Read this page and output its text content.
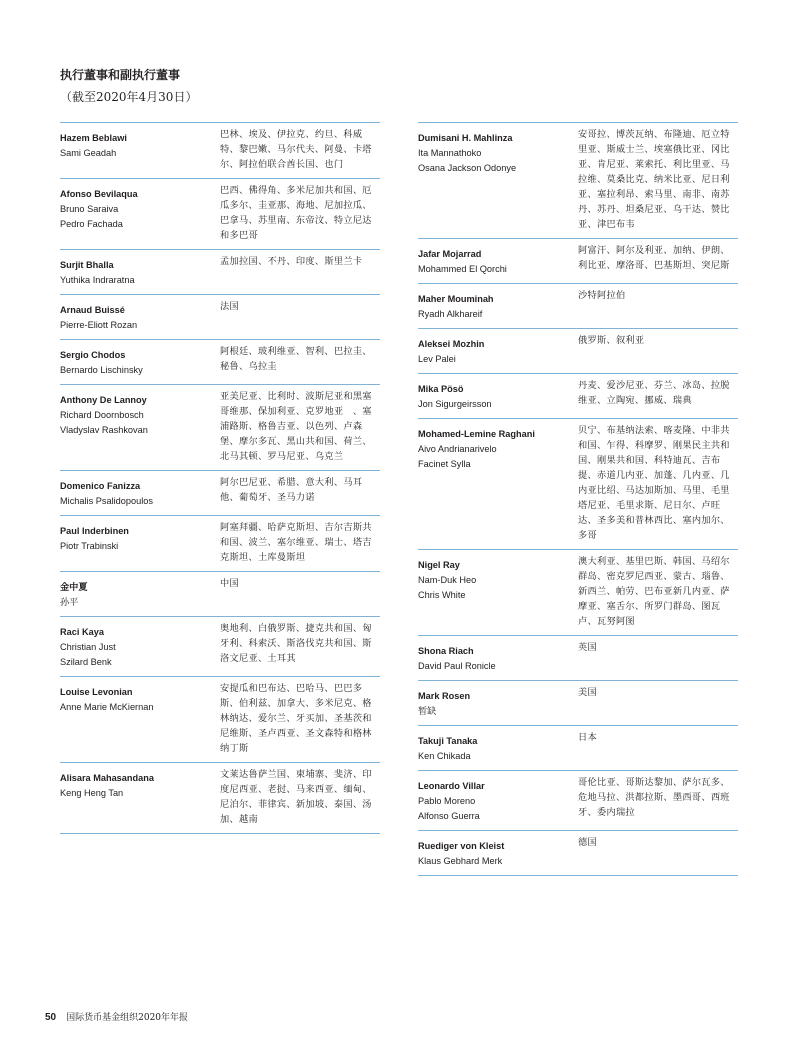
执行董事和副执行董事
（截至2020年4月30日）
Hazem Beblawi
Sami Geadah
巴林、埃及、伊拉克、约旦、科威特、黎巴嫩、马尔代夫、阿曼、卡塔尔、阿拉伯联合酋长国、也门
Afonso Bevilaqua
Bruno Saraiva
Pedro Fachada
巴西、佛得角、多米尼加共和国、厄瓜多尔、圭亚那、海地、尼加拉瓜、巴拿马、苏里南、东帝汶、特立尼达和多巴哥
Surjit Bhalla
Yuthika Indraratna
孟加拉国、不丹、印度、斯里兰卡
Arnaud Buissé
Pierre-Eliott Rozan
法国
Sergio Chodos
Bernardo Lischinsky
阿根廷、玻利维亚、智利、巴拉圭、秘鲁、乌拉圭
Anthony De Lannoy
Richard Doornbosch
Vladyslav Rashkovan
亚美尼亚、比利时、波斯尼亚和黑塞哥维那、保加利亚、克罗地亚　、塞浦路斯、格鲁吉亚、以色列、卢森堡、摩尔多瓦、黑山共和国、荷兰、北马其顿、罗马尼亚、乌克兰
Domenico Fanizza
Michalis Psalidopoulos
阿尔巴尼亚、希腊、意大利、马耳他、葡萄牙、圣马力诺
Paul Inderbinen
Piotr Trabinski
阿塞拜疆、哈萨克斯坦、吉尔吉斯共和国、波兰、塞尔维亚、瑞士、塔吉克斯坦、土库曼斯坦
金中夏
孙平
中国
Raci Kaya
Christian Just
Szilard Benk
奥地利、白俄罗斯、捷克共和国、匈牙利、科索沃、斯洛伐克共和国、斯洛文尼亚、土耳其
Louise Levonian
Anne Marie McKiernan
安提瓜和巴布达、巴哈马、巴巴多斯、伯利兹、加拿大、多米尼克、格林纳达、爱尔兰、牙买加、圣基茨和尼维斯、圣卢西亚、圣文森特和格林纳丁斯
Alisara Mahasandana
Keng Heng Tan
文莱达鲁萨兰国、柬埔寨、斐济、印度尼西亚、老挝、马来西亚、缅甸、尼泊尔、菲律宾、新加坡、泰国、汤加、越南
Dumisani H. Mahlinza
Ita Mannathoko
Osana Jackson Odonye
安哥拉、博茨瓦纳、布隆迪、厄立特里亚、斯威士兰、埃塞俄比亚、冈比亚、肯尼亚、莱索托、利比里亚、马拉维、莫桑比克、纳米比亚、尼日利亚、塞拉利昂、索马里、南非、南苏丹、苏丹、坦桑尼亚、乌干达、赞比亚、津巴布韦
Jafar Mojarrad
Mohammed El Qorchi
阿富汗、阿尔及利亚、加纳、伊朗、利比亚、摩洛哥、巴基斯坦、突尼斯
Maher Mouminah
Ryadh Alkhareif
沙特阿拉伯
Aleksei Mozhin
Lev Palei
俄罗斯、叙利亚
Mika Pösö
Jon Sigurgeirsson
丹麦、爱沙尼亚、芬兰、冰岛、拉脱维亚、立陶宛、挪威、瑞典
Mohamed-Lemine Raghani
Aivo Andrianarivelo
Facinet Sylla
贝宁、布基纳法索、喀麦隆、中非共和国、乍得、科摩罗、刚果民主共和国、刚果共和国、科特迪瓦、吉布提、赤道几内亚、加蓬、几内亚、几内亚比绍、马达加斯加、马里、毛里塔尼亚、毛里求斯、尼日尔、卢旺达、圣多美和普林西比、塞内加尔、多哥
Nigel Ray
Nam-Duk Heo
Chris White
澳大利亚、基里巴斯、韩国、马绍尔群岛、密克罗尼西亚、蒙古、瑙鲁、新西兰、帕劳、巴布亚新几内亚、萨摩亚、塞舌尔、所罗门群岛、图瓦卢、瓦努阿图
Shona Riach
David Paul Ronicle
英国
Mark Rosen
暂缺
美国
Takuji Tanaka
Ken Chikada
日本
Leonardo Villar
Pablo Moreno
Alfonso Guerra
哥伦比亚、哥斯达黎加、萨尔瓦多、危地马拉、洪都拉斯、墨西哥、西班牙、委内瑞拉
Ruediger von Kleist
Klaus Gebhard Merk
德国
50 国际货币基金组织2020年年报
